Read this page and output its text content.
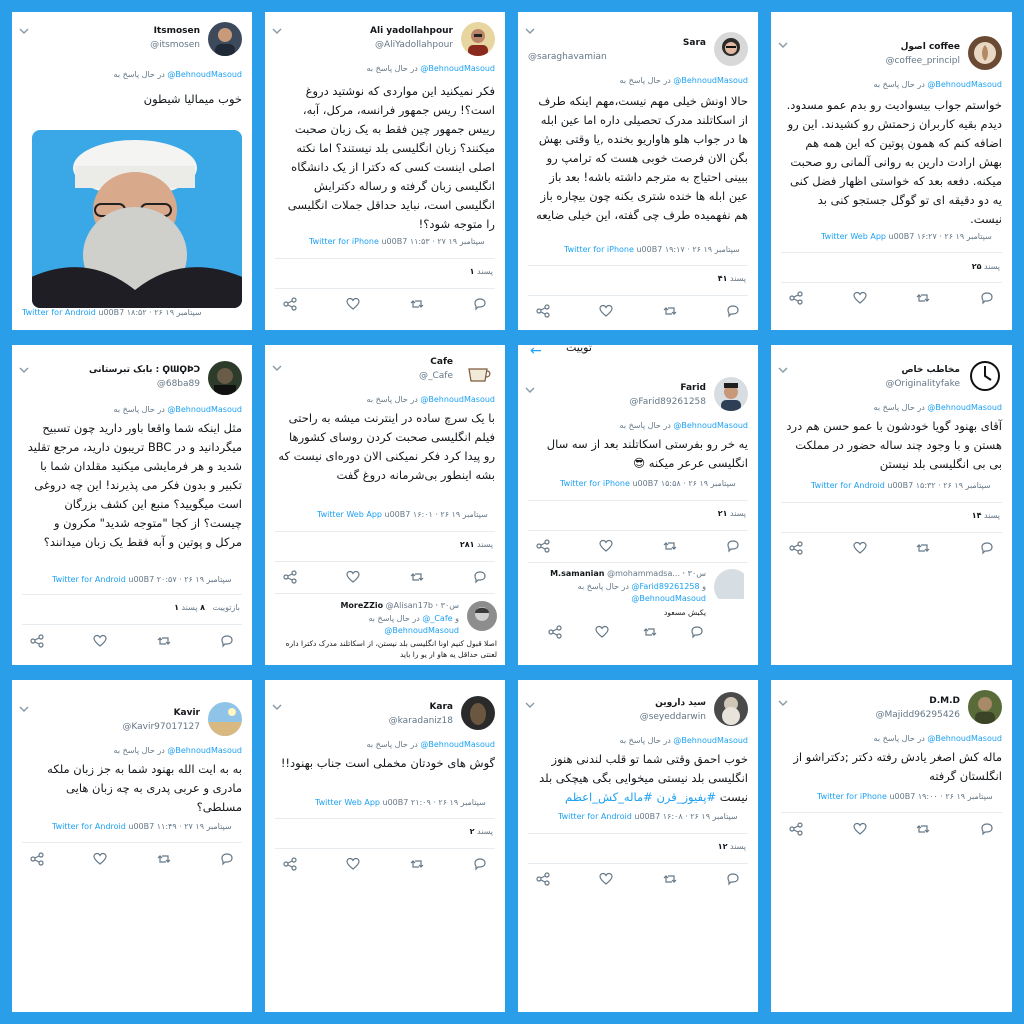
Itsmosen
@itsmosen
در حال پاسخ به @BehnoudMasoud
خوب میمالیا شیطون
Twitter for Android u00B7 ۱۸:۵۲ · ۲۶ سپتامبر ۱۹
Ali yadollahpour
@AliYadollahpour
در حال پاسخ به @BehnoudMasoud
فکر نمیکنید این مواردی که نوشتید دروغ است؟! ریس جمهور فرانسه، مرکل، آبه، رییس جمهور چین فقط به یک زبان صحبت میکنند؟ زبان انگلیسی بلد نیستند؟ اما نکته اصلی اینست کسی که دکترا از یک دانشگاه انگلیسی زبان گرفته و رساله دکترایش انگلیسی است، نباید حداقل جملات انگلیسی را متوجه شود؟!
Twitter for iPhone u00B7 ۱۱:۵۳ · ۲۷ سپتامبر ۱۹
۱ پسند
Sara
@saraghavamian
در حال پاسخ به @BehnoudMasoud
حالا اونش خیلی مهم نیست،مهم اینکه طرف از اسکاتلند مدرک تحصیلی داره اما عین ابله ها در جواب هلو هاواریو بخنده ,یا وقتی بهش بگن الان فرصت خوبی هست که ترامپ رو ببینی احتیاج به مترجم داشته باشه! بعد باز عین ابله ها خنده شتری بکنه چون بیچاره باز هم نفهمیده طرف چی گفته، این خیلی ضایعه
Twitter for iPhone u00B7 ۱۹:۱۷ · ۲۶ سپتامبر ۱۹
۴۱ پسند
اصول coffee
@coffee_principl
در حال پاسخ به @BehnoudMasoud
خواستم جواب بیسوادیت رو بدم عمو مسدود. دیدم بقیه کاربران زحمتش رو کشیدند. این رو اضافه کنم که همون پوتین که این همه هم بهش ارادت دارین به روانی آلمانی رو صحبت میکنه. دفعه بعد که خواستی اظهار فضل کنی یه دو دقیقه ای تو گوگل جستجو کنی بد نیست.
Twitter Web App u00B7 ۱۶:۲۷ · ۲۶ سپتامبر ۱۹
۲۵ پسند
بابک تبرستانی : ϘƜϘϷϽ
@68ba89
در حال پاسخ به @BehnoudMasoud
مثل اینکه شما واقعا باور دارید چون تسبیح میگردانید و در BBC تریبون دارید، مرجع تقلید شدید و هر فرمایشی میکنید مقلدان شما با تکبیر و بدون فکر می پذیرند! این چه دروغی است میگویید؟ منبع این کشف بزرگان چیست؟ از کجا "متوجه شدید" مکرون و مرکل و پوتین و آبه فقط یک زبان میدانند؟
Twitter for Android u00B7 ۲۰:۵۷ · ۲۶ سپتامبر ۱۹
۱	بازتوییت   ۸ پسند
Cafe
@_Cafe
در حال پاسخ به @BehnoudMasoud
با یک سرچ ساده در اینترنت میشه به راحتی فیلم انگلیسی صحبت کردن روسای کشورها رو پیدا کرد فکر نمیکنی الان دوره‌ای نیست که بشه اینطور بی‌شرمانه دروغ گفت
Twitter Web App u00B7 ۱۶:۰۱ · ۲۶ سپتامبر ۱۹
۲۸۱ پسند
MoreZZio @Alisan17b · ۳۰س
در حال پاسخ به @_Cafe و
@BehnoudMasoud
اصلا قبول کنیم اونا انگلیسی بلد نیستن، از اسکاتلند مدرک دکترا داره لعنتی حداقل یه هاو ار یو را باید
← توییت
Farid
@Farid89261258
در حال پاسخ به @BehnoudMasoud
یه خر رو بفرستی اسکاتلند بعد از سه سال انگلیسی عرعر میکنه 😎
Twitter for iPhone u00B7 ۱۵:۵۸ · ۲۶ سپتامبر ۱۹
۲۱ پسند
M.samanian @mohammadsa... · ۳۰س
در حال پاسخ به @Farid89261258 و
@BehnoudMasoud
یکبش مسعود
مخاطب خاص
@Originalityfake
در حال پاسخ به @BehnoudMasoud
آقای بهنود گویا خودشون با عمو حسن هم درد هستن و با وجود چند ساله حضور در مملکت بی بی انگلیسی بلد نیستن
Twitter for Android u00B7 ۱۵:۳۲ · ۲۶ سپتامبر ۱۹
۱۴ پسند
Kavir
@Kavir97017127
در حال پاسخ به @BehnoudMasoud
به به ایت الله بهنود شما به جز زبان ملکه مادری و عربی پدری به چه زبان هایی مسلطی؟
Twitter for Android u00B7 ۱۱:۴۹ · ۲۷ سپتامبر ۱۹
Kara
@karadaniz18
در حال پاسخ به @BehnoudMasoud
گوش های خودتان مخملی است جناب بهنود!!
Twitter Web App u00B7 ۲۱:۰۹ · ۲۶ سپتامبر ۱۹
۲ پسند
سید داروین
@seyeddarwin
در حال پاسخ به @BehnoudMasoud
خوب احمق وقتی شما تو قلب لندنی هنوز انگلیسی بلد نیستی میخوایی بگی هیچکی بلد نیست #پفیوز_قرن #ماله_کش_اعظم
Twitter for Android u00B7 ۱۶:۰۸ · ۲۶ سپتامبر ۱۹
۱۲ پسند
D.M.D
@Majidd96295426
در حال پاسخ به @BehnoudMasoud
ماله کش اصغر یادش رفته دکتر ;دکتراشو از انگلستان گرفته
Twitter for iPhone u00B7 ۱۹:۰۰ · ۲۶ سپتامبر ۱۹
